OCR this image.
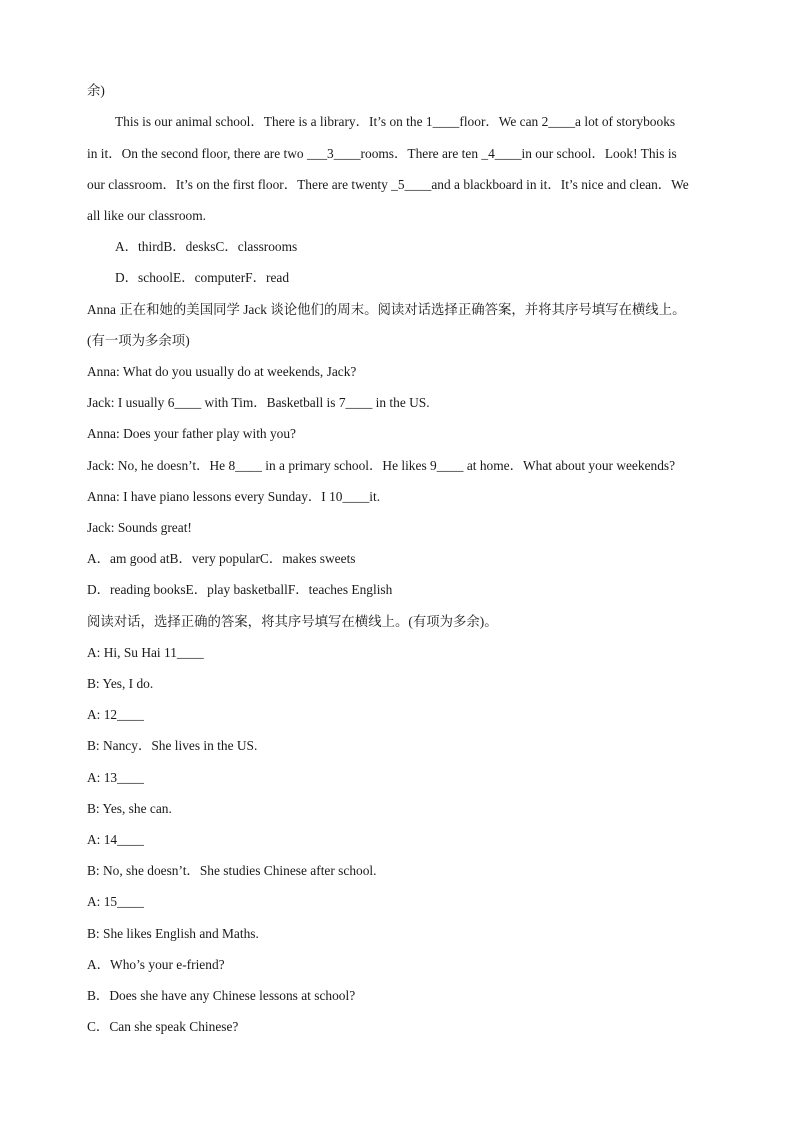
余)
This is our animal school．There is a library．It’s on the 1____floor．We can 2____a lot of storybooks
in it．On the second floor, there are two ___3____rooms．There are ten _4____in our school．Look! This is
our classroom．It’s on the first floor．There are twenty _5____and a blackboard in it．It’s nice and clean．We
all like our classroom.
A．thirdB．desksC．classrooms
D．schoolE．computerF．read
Anna 正在和她的美国同学 Jack 谈论他们的周末。阅读对话选择正确答案，并将其序号填写在横线上。
(有一项为多余项)
Anna: What do you usually do at weekends, Jack?
Jack: I usually 6____ with Tim．Basketball is 7____ in the US.
Anna: Does your father play with you?
Jack: No, he doesn’t．He 8____ in a primary school．He likes 9____ at home．What about your weekends?
Anna: I have piano lessons every Sunday．I 10____it.
Jack: Sounds great!
A．am good atB．very popularC．makes sweets
D．reading booksE．play basketballF．teaches English
阅读对话，选择正确的答案，将其序号填写在横线上。(有项为多余)。
A: Hi, Su Hai 11____
B: Yes, I do.
A: 12____
B: Nancy．She lives in the US.
A: 13____
B: Yes, she can.
A: 14____
B: No, she doesn’t．She studies Chinese after school.
A: 15____
B: She likes English and Maths.
A．Who’s your e-friend?
B．Does she have any Chinese lessons at school?
C．Can she speak Chinese?
